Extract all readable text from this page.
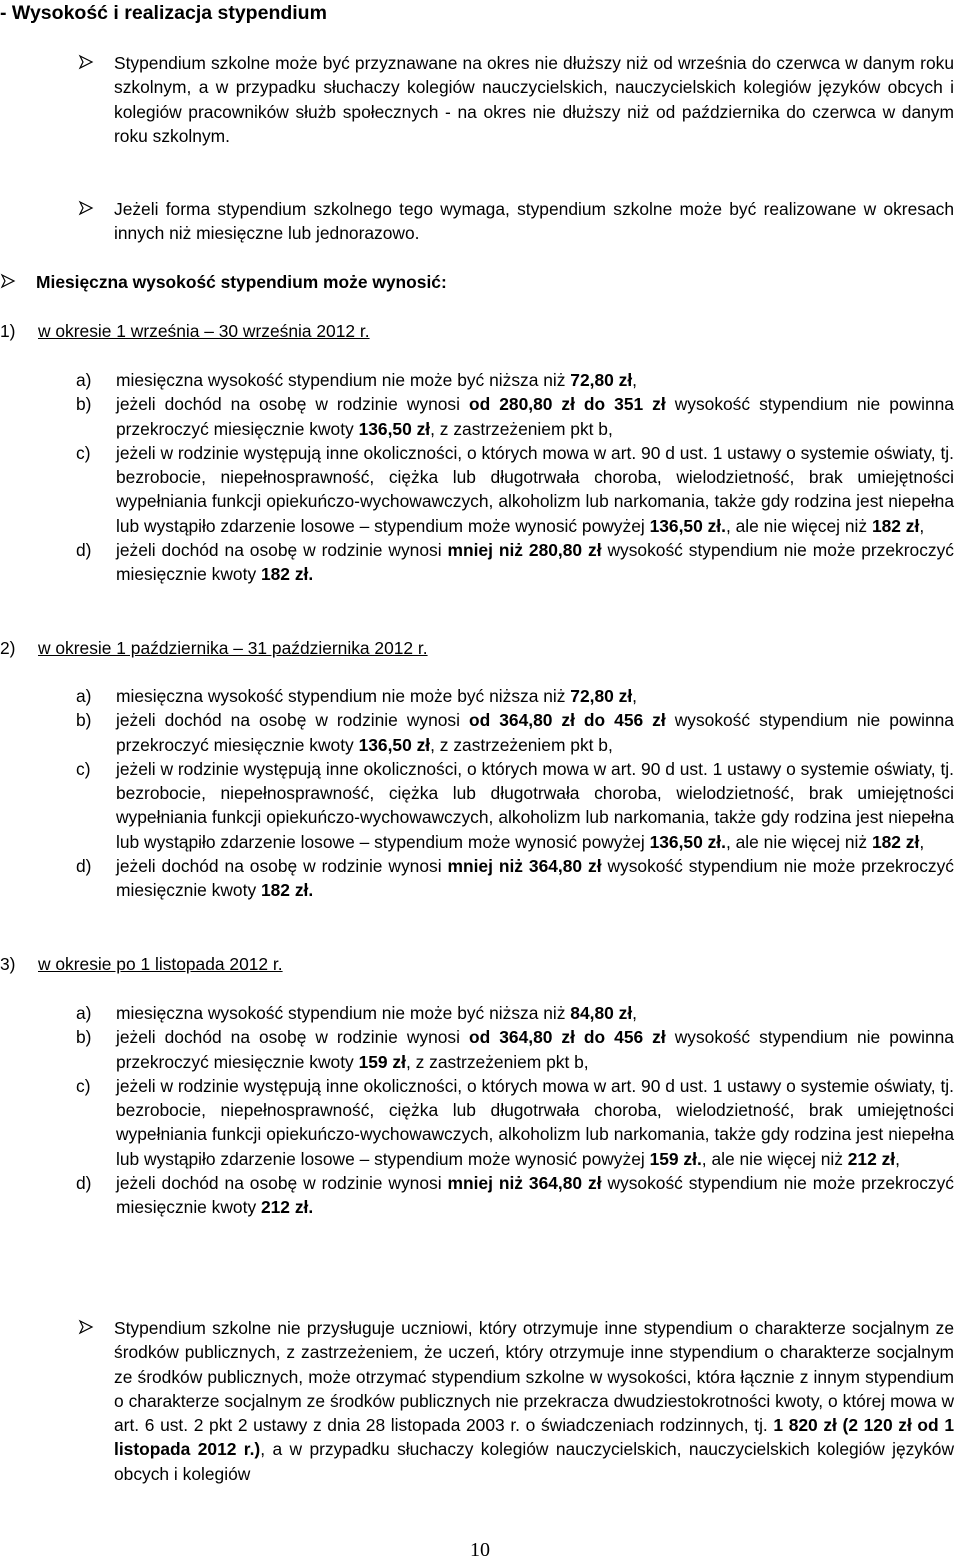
- Wysokość i realizacja stypendium
Stypendium szkolne może być przyznawane na okres nie dłuższy niż od września do czerwca w danym roku szkolnym, a w przypadku słuchaczy kolegiów nauczycielskich, nauczycielskich kolegiów języków obcych i kolegiów pracowników służb społecznych - na okres nie dłuższy niż od października do czerwca w danym roku szkolnym.
Jeżeli forma stypendium szkolnego tego wymaga, stypendium szkolne może być realizowane w okresach innych niż miesięczne lub jednorazowo.
Miesięczna wysokość stypendium może wynosić:
1) w okresie 1 września – 30 września 2012 r.
a)	miesięczna wysokość stypendium nie może być niższa niż 72,80 zł,
b)	jeżeli dochód na osobę w rodzinie wynosi od 280,80 zł do 351 zł wysokość stypendium nie powinna przekroczyć miesięcznie kwoty 136,50 zł, z zastrzeżeniem pkt b,
c)	jeżeli w rodzinie występują inne okoliczności, o których mowa w art. 90 d ust. 1 ustawy o systemie oświaty, tj. bezrobocie, niepełnosprawność, ciężka lub długotrwała choroba, wielodzietność, brak umiejętności wypełniania funkcji opiekuńczo-wychowawczych, alkoholizm lub narkomania, także gdy rodzina jest niepełna lub wystąpiło zdarzenie losowe – stypendium może wynosić powyżej 136,50 zł., ale nie więcej niż 182 zł,
d)	jeżeli dochód na osobę w rodzinie wynosi mniej niż 280,80 zł wysokość stypendium nie może przekroczyć miesięcznie kwoty 182 zł.
2) w okresie 1 października – 31 października 2012 r.
a)	miesięczna wysokość stypendium nie może być niższa niż 72,80 zł,
b)	jeżeli dochód na osobę w rodzinie wynosi od 364,80 zł do 456 zł wysokość stypendium nie powinna przekroczyć miesięcznie kwoty 136,50 zł, z zastrzeżeniem pkt b,
c)	jeżeli w rodzinie występują inne okoliczności, o których mowa w art. 90 d ust. 1 ustawy o systemie oświaty, tj. bezrobocie, niepełnosprawność, ciężka lub długotrwała choroba, wielodzietność, brak umiejętności wypełniania funkcji opiekuńczo-wychowawczych, alkoholizm lub narkomania, także gdy rodzina jest niepełna lub wystąpiło zdarzenie losowe – stypendium może wynosić powyżej 136,50 zł., ale nie więcej niż 182 zł,
d)	jeżeli dochód na osobę w rodzinie wynosi mniej niż 364,80 zł wysokość stypendium nie może przekroczyć miesięcznie kwoty 182 zł.
3) w okresie po 1 listopada 2012 r.
a)	miesięczna wysokość stypendium nie może być niższa niż 84,80 zł,
b)	jeżeli dochód na osobę w rodzinie wynosi od 364,80 zł do 456 zł wysokość stypendium nie powinna przekroczyć miesięcznie kwoty 159 zł, z zastrzeżeniem pkt b,
c)	jeżeli w rodzinie występują inne okoliczności, o których mowa w art. 90 d ust. 1 ustawy o systemie oświaty, tj. bezrobocie, niepełnosprawność, ciężka lub długotrwała choroba, wielodzietność, brak umiejętności wypełniania funkcji opiekuńczo-wychowawczych, alkoholizm lub narkomania, także gdy rodzina jest niepełna lub wystąpiło zdarzenie losowe – stypendium może wynosić powyżej 159 zł., ale nie więcej niż 212 zł,
d)	jeżeli dochód na osobę w rodzinie wynosi mniej niż 364,80 zł wysokość stypendium nie może przekroczyć miesięcznie kwoty 212 zł.
Stypendium szkolne nie przysługuje uczniowi, który otrzymuje inne stypendium o charakterze socjalnym ze środków publicznych, z zastrzeżeniem, że uczeń, który otrzymuje inne stypendium o charakterze socjalnym ze środków publicznych, może otrzymać stypendium szkolne w wysokości, która łącznie z innym stypendium o charakterze socjalnym ze środków publicznych nie przekracza dwudziestokrotności kwoty, o której mowa w art. 6 ust. 2 pkt 2 ustawy z dnia 28 listopada 2003 r. o świadczeniach rodzinnych, tj. 1 820 zł (2 120 zł od 1 listopada 2012 r.), a w przypadku słuchaczy kolegiów nauczycielskich, nauczycielskich kolegiów języków obcych i kolegiów
10
